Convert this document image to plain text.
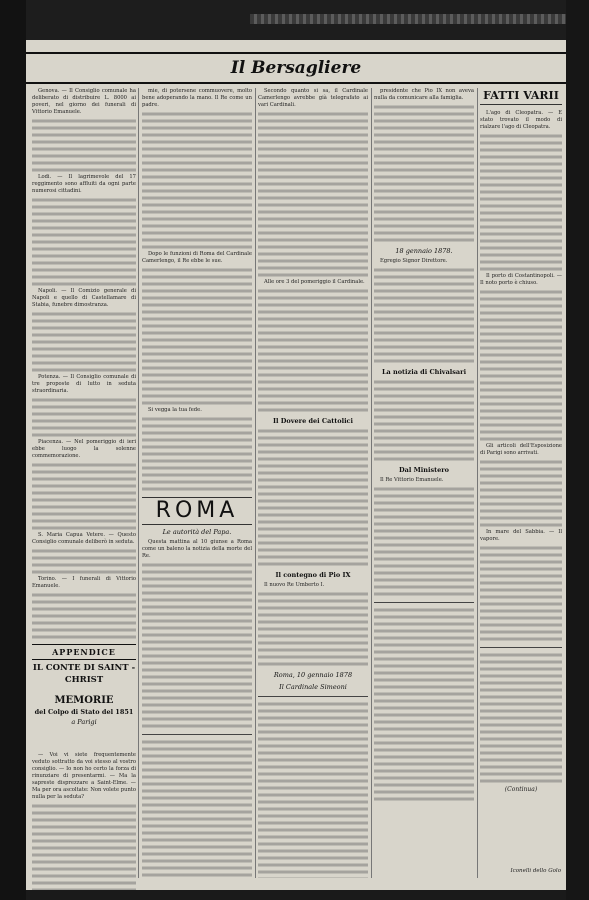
Il Bersagliere

Genova. — Il Consiglio comunale ha deliberato di distribuire L. 8000 ai poveri, nel giorno dei funerali di Vittorio Emanuele.

Lodi. — Il lagrimevole del 17 reggimento sono affluiti da ogni parte numerosi cittadini.

Napoli. — Il Comizio generale di Napoli e quello di Castellamare di Stabia, funebre dimostranza.

Potenza. — Il Consiglio comunale di tre proposte di lutto in seduta straordinaria.

Piacenza. — Nel pomeriggio di ieri ebbe luogo la solenne commemorazione.

S. Maria Capua Vetere. — Questo Consiglio comunale deliberò in seduta.

Torino. — I funerali di Vittorio Emanuele.

APPENDICE
IL CONTE DI SAINT - CHRIST
MEMORIE
del Colpo di Stato del 1851
a Parigi

— Voi vi siete frequentemente veduto sottratto da voi stesso al vostro consiglio. — Io non ho certo la forza di rinunziare di presentarmi. — Ma la sapreste disprezzare a Saint-Elme. — Ma per ora ascoltate: Non volete punto nulla per la seduta?

mie, di potersene commuovere, molto bene adoperando la mano. Il Re come un padre.

Dopo le funzioni di Roma del Cardinale Camerlengo, il Re ebbe le sue.

Si vegga la tua fede.

ROMA
Le autorità del Papa.

Questa mattina al 10 giunse a Roma come un baleno la notizia della morte del Re.

Secondo quanto si sa, il Cardinale Camerlengo avrebbe già telegrafato ai vari Cardinali.

Alle ore 3 del pomeriggio il Cardinale.

Il Dovere dei Cattolici
Il contegno di Pio IX

Il nuovo Re Umberto I.

Roma, 10 gennaio 1878
Il Cardinale Simeoni

presidente che Pio IX non aveva nulla da comunicare alla famiglia.

18 gennaio 1878.

Egregio Signor Direttore.

La notizia di Chivalsari
Dal Ministero

Il Re Vittorio Emanuele.

FATTI VARII

L'ago di Cleopatra. — È stato trovato il modo di rialzare l'ago di Cleopatra.

Il porto di Costantinopoli. — Il noto porto è chiuso.

Gli articoli dell'Esposizione di Parigi sono arrivati.

In mare del Sabbia. — Il vapore.

(Continua)
Iconelli dello Golo
